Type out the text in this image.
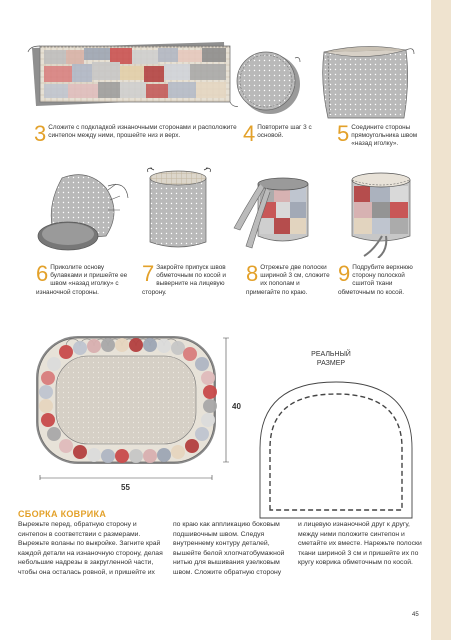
3 Сложите с подкладкой изнаночными сторонами и расположите синтепон между ними, прошейте низ и верх.	4 Повторите шаг 3 с основой.	5 Соедините стороны прямоугольника швом «назад иголку».
6 Приколите основу булавками и пришейте ее швом «назад иголку» с изнаночной стороны.
7 Закройте припуск швов обметочным по косой и выверните на лицевую сторону.
8 Отрежьте две полоски шириной 3 см, сложите их пополам и примегайте по краю.
9 Подрубите верхнюю сторону полоской сшитой ткани обметочным по косой.
55
40
РЕАЛЬНЫЙ РАЗМЕР
СБОРКА КОВРИКА
Вырежьте перед, обратную сторону и синтепон в соответствии с размерами. Вырежьте воланы по выкройке. Загните край каждой детали на изнаночную сторону, делая небольшие надрезы в закругленной части, чтобы она осталась ровной, и пришейте их
по краю как аппликацию боковым подшивочным швом. Следуя внутреннему контуру деталей, вышейте белой хлопчатобумажной нитью для вышивания узелковым швом. Сложите обратную сторону
и лицевую изнаночной друг к другу, между ними положите синтепон и сметайте их вместе. Нарежьте полоски ткани шириной 3 см и пришейте их по кругу коврика обметочным по косой.
45
